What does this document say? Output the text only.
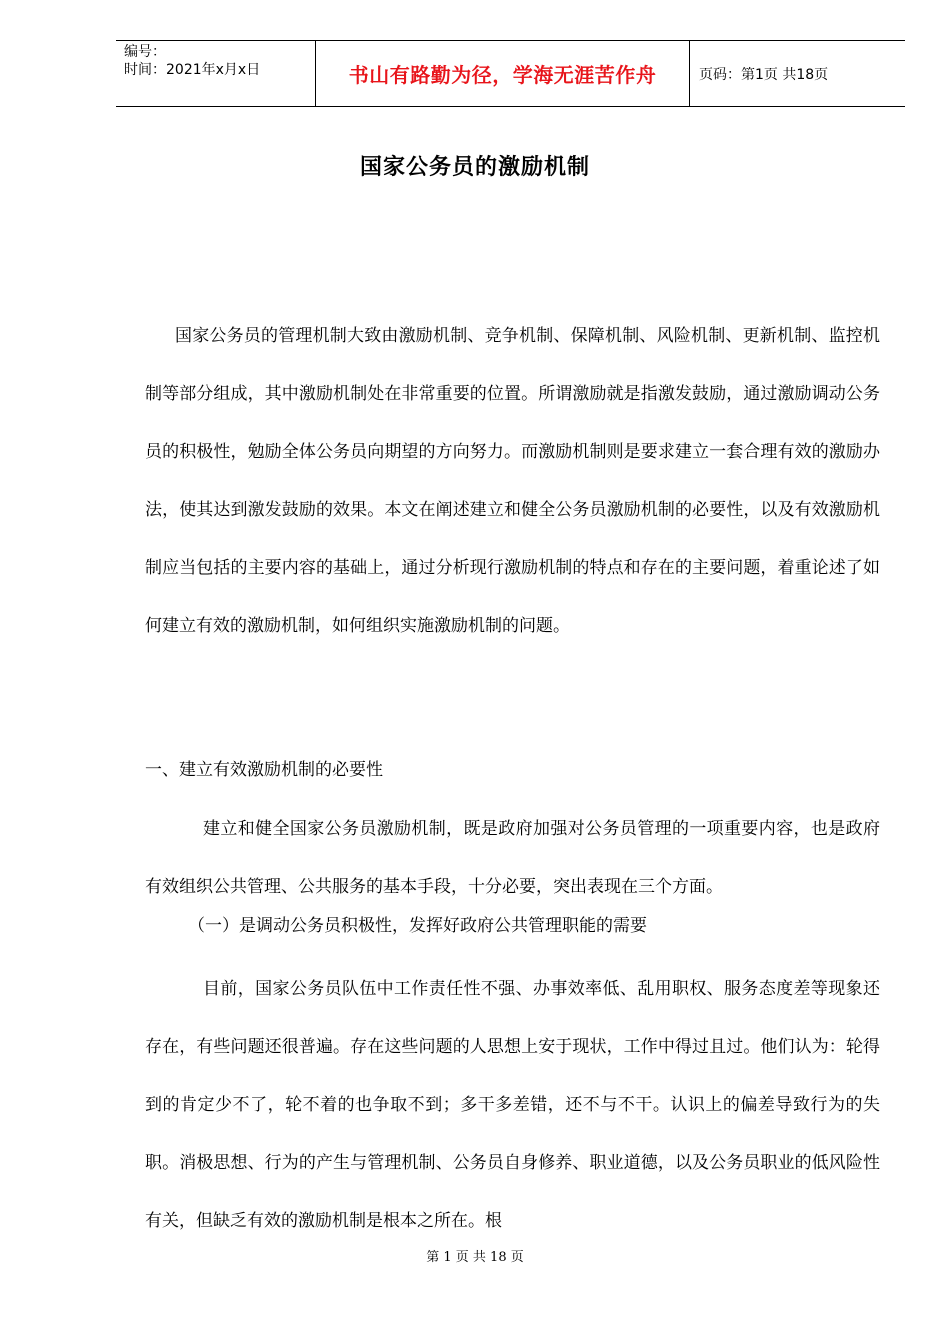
编号：
时间：2021年x月x日	书山有路勤为径，学海无涯苦作舟	页码：第1页 共18页
国家公务员的激励机制
国家公务员的管理机制大致由激励机制、竞争机制、保障机制、风险机制、更新机制、监控机制等部分组成，其中激励机制处在非常重要的位置。所谓激励就是指激发鼓励，通过激励调动公务员的积极性，勉励全体公务员向期望的方向努力。而激励机制则是要求建立一套合理有效的激励办法，使其达到激发鼓励的效果。本文在阐述建立和健全公务员激励机制的必要性，以及有效激励机制应当包括的主要内容的基础上，通过分析现行激励机制的特点和存在的主要问题，着重论述了如何建立有效的激励机制，如何组织实施激励机制的问题。
一、建立有效激励机制的必要性
建立和健全国家公务员激励机制，既是政府加强对公务员管理的一项重要内容，也是政府有效组织公共管理、公共服务的基本手段，十分必要，突出表现在三个方面。
（一）是调动公务员积极性，发挥好政府公共管理职能的需要
目前，国家公务员队伍中工作责任性不强、办事效率低、乱用职权、服务态度差等现象还存在，有些问题还很普遍。存在这些问题的人思想上安于现状，工作中得过且过。他们认为：轮得到的肯定少不了，轮不着的也争取不到；多干多差错，还不与不干。认识上的偏差导致行为的失职。消极思想、行为的产生与管理机制、公务员自身修养、职业道德，以及公务员职业的低风险性有关，但缺乏有效的激励机制是根本之所在。根
第 1 页 共 18 页
